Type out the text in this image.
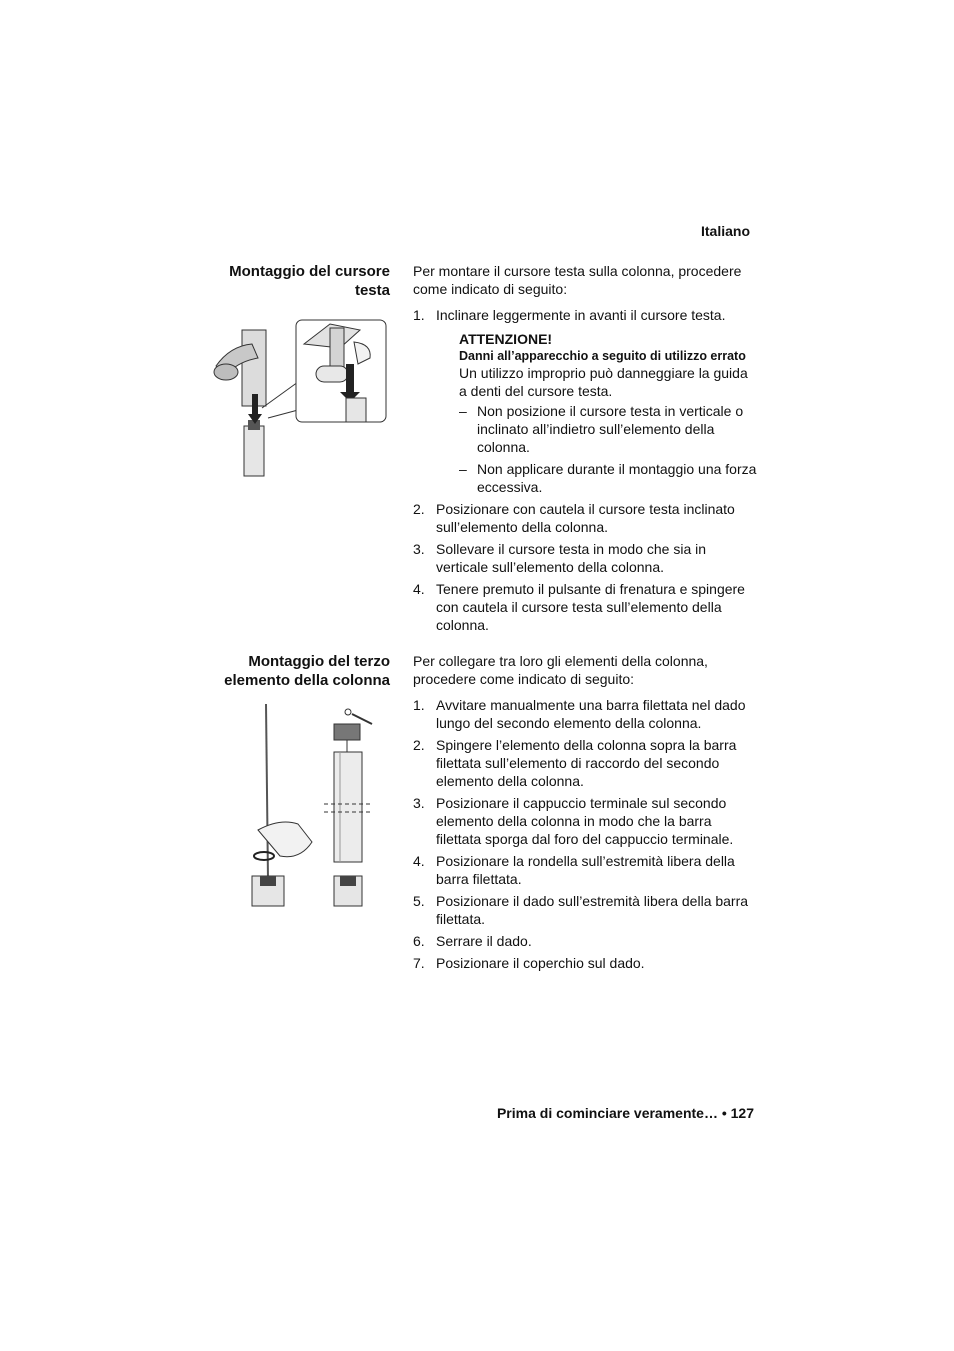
Italiano
Montaggio del cursore
testa

Per montare il cursore testa sulla colonna, procedere come indicato di seguito:

1. Inclinare leggermente in avanti il cursore testa.
ATTENZIONE!
Danni all’apparecchio a seguito di utilizzo errato
Un utilizzo improprio può danneggiare la guida a denti del cursore testa.
– Non posizione il cursore testa in verticale o inclinato all’indietro sull’elemento della colonna.
– Non applicare durante il montaggio una forza eccessiva.
2. Posizionare con cautela il cursore testa inclinato sull’elemento della colonna.
3. Sollevare il cursore testa in modo che sia in verticale sull’elemento della colonna.
4. Tenere premuto il pulsante di frenatura e spingere con cautela il cursore testa sull’elemento della colonna.
Montaggio del terzo
elemento della colonna

Per collegare tra loro gli elementi della colonna, procedere come indicato di seguito:

1. Avvitare manualmente una barra filettata nel dado lungo del secondo elemento della colonna.
2. Spingere l’elemento della colonna sopra la barra filettata sull’elemento di raccordo del secondo elemento della colonna.
3. Posizionare il cappuccio terminale sul secondo elemento della colonna in modo che la barra filettata sporga dal foro del cappuccio terminale.
4. Posizionare la rondella sull’estremità libera della barra filettata.
5. Posizionare il dado sull’estremità libera della barra filettata.
6. Serrare il dado.
7. Posizionare il coperchio sul dado.
Prima di cominciare veramente… • 127
